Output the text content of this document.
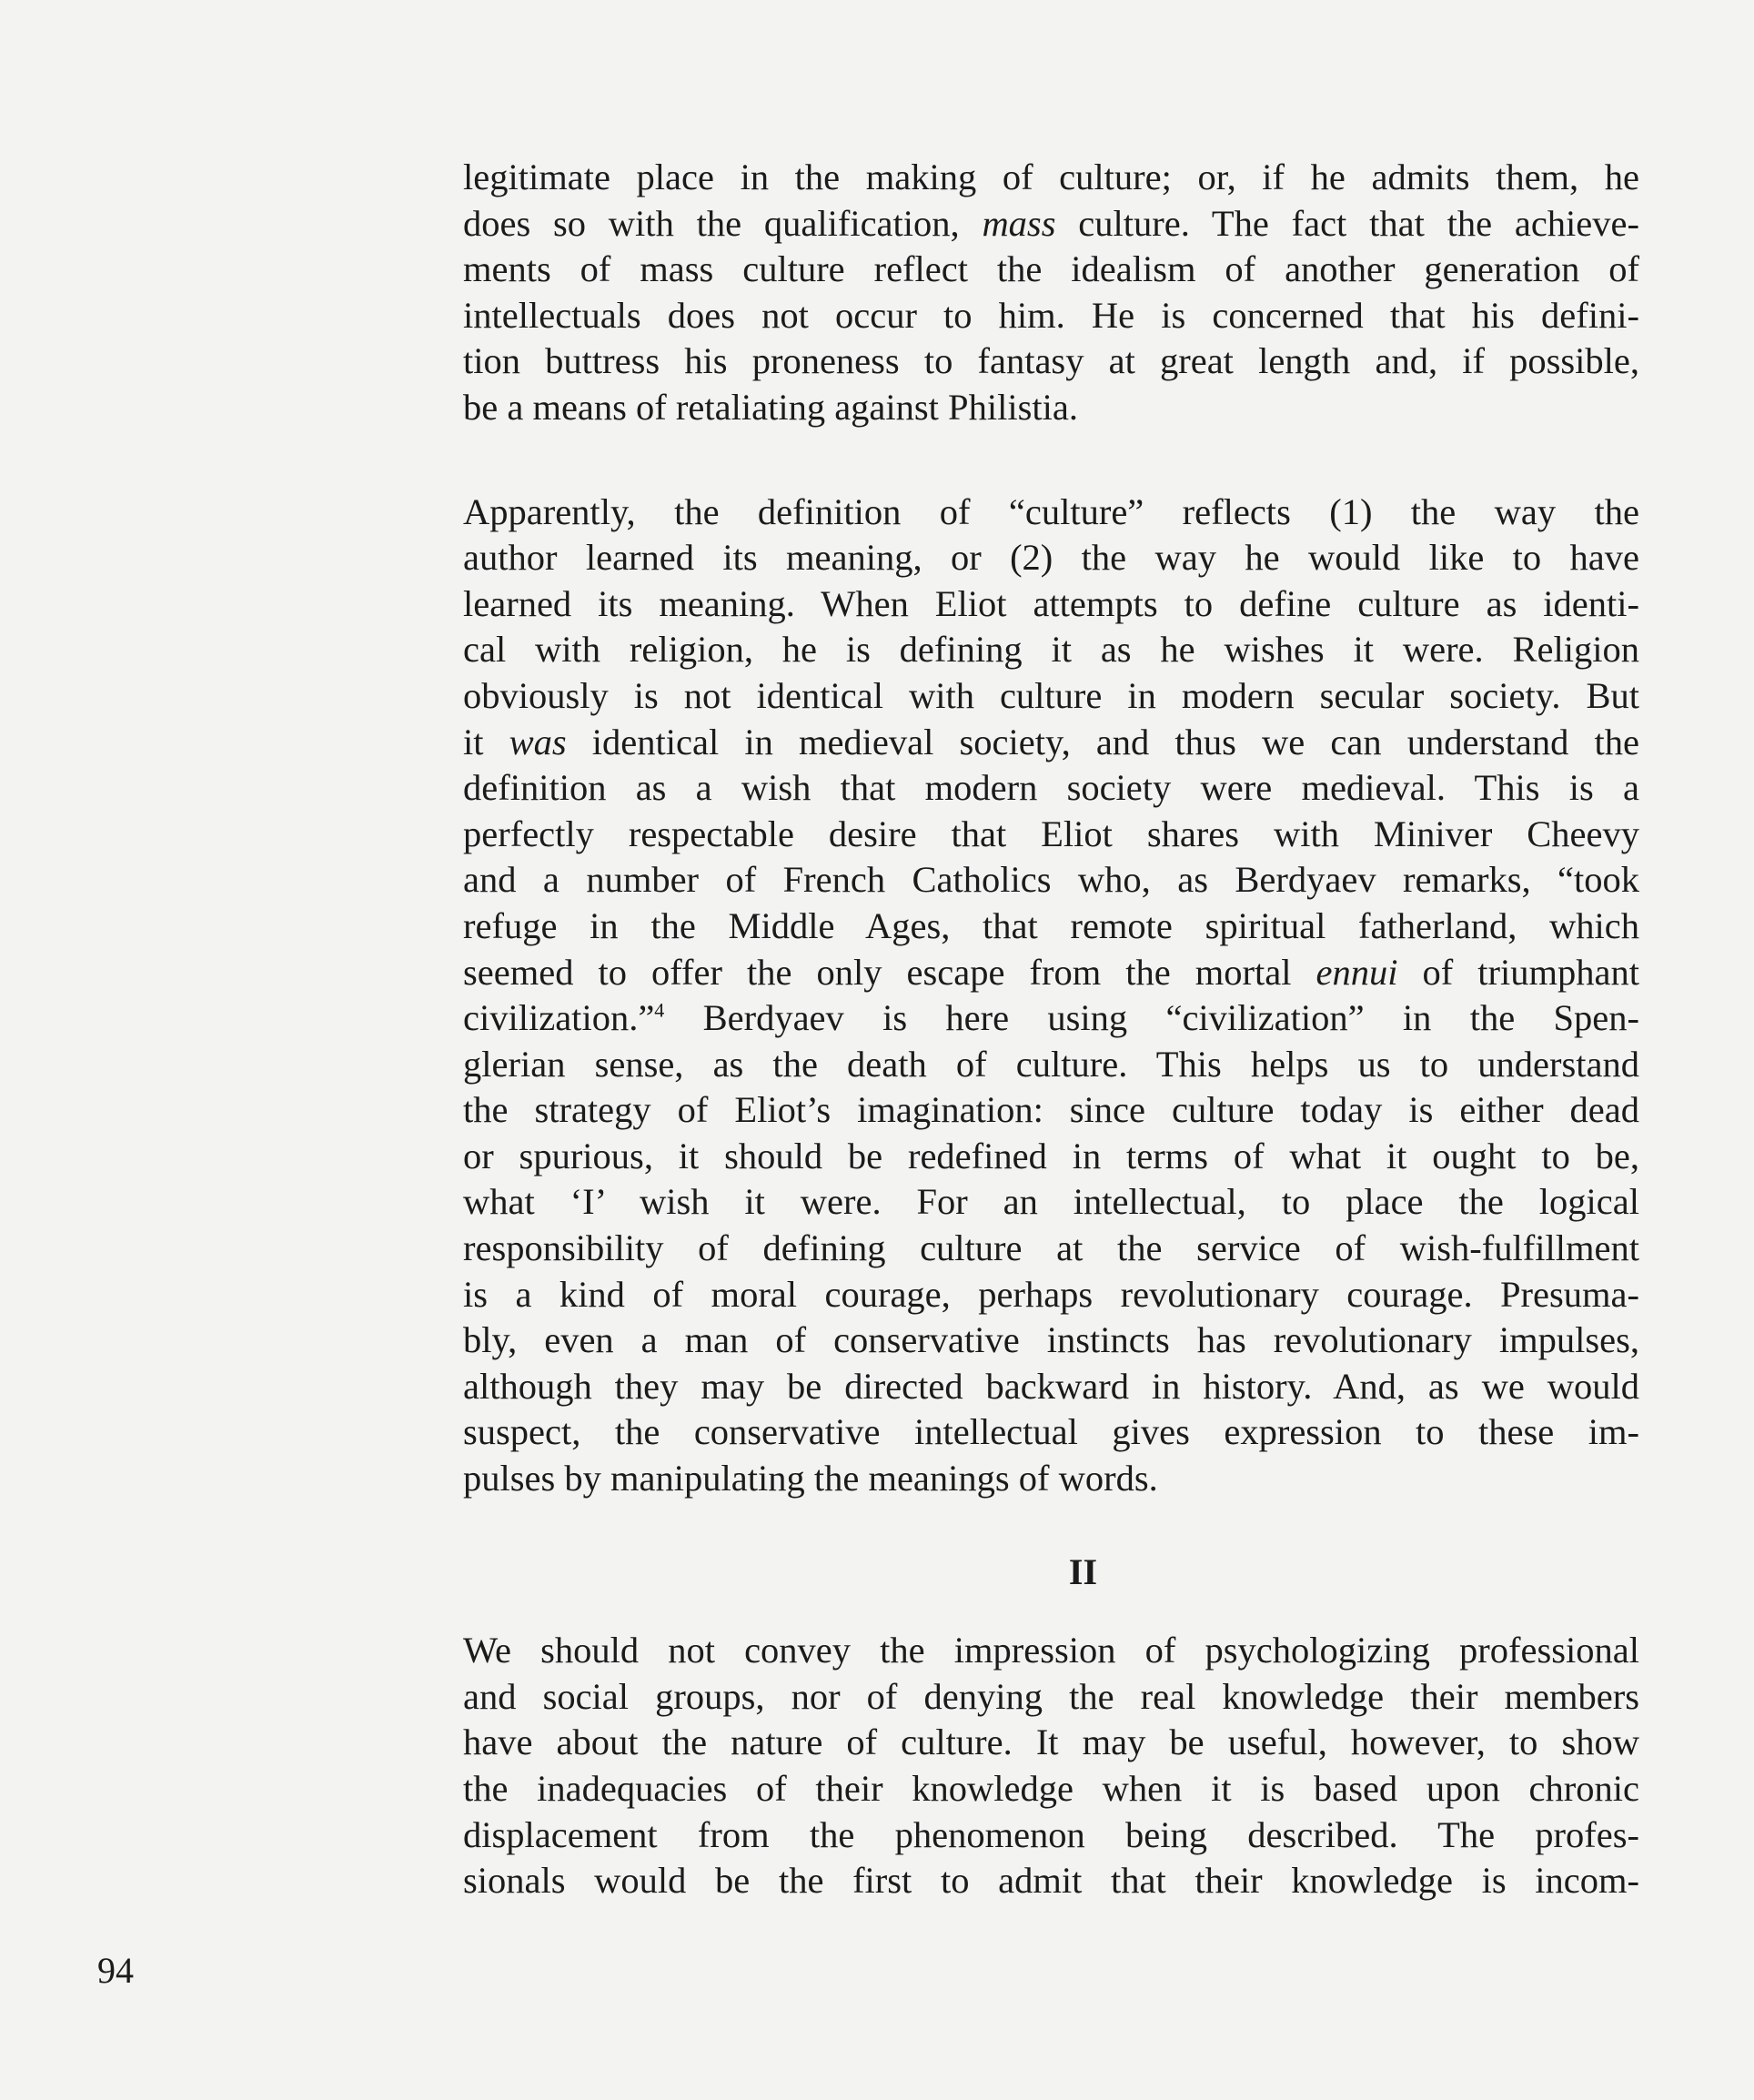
legitimate place in the making of culture; or, if he admits them, he
does so with the qualification, mass culture. The fact that the achieve-
ments of mass culture reflect the idealism of another generation of
intellectuals does not occur to him. He is concerned that his defini-
tion buttress his proneness to fantasy at great length and, if possible,
be a means of retaliating against Philistia.

Apparently, the definition of “culture” reflects (1) the way the
author learned its meaning, or (2) the way he would like to have
learned its meaning. When Eliot attempts to define culture as identi-
cal with religion, he is defining it as he wishes it were. Religion
obviously is not identical with culture in modern secular society. But
it was identical in medieval society, and thus we can understand the
definition as a wish that modern society were medieval. This is a
perfectly respectable desire that Eliot shares with Miniver Cheevy
and a number of French Catholics who, as Berdyaev remarks, “took
refuge in the Middle Ages, that remote spiritual fatherland, which
seemed to offer the only escape from the mortal ennui of triumphant
civilization.”$^4$ Berdyaev is here using “civilization” in the Spen-
glerian sense, as the death of culture. This helps us to understand
the strategy of Eliot’s imagination: since culture today is either dead
or spurious, it should be redefined in terms of what it ought to be,
what ‘I’ wish it were. For an intellectual, to place the logical
responsibility of defining culture at the service of wish-fulfillment
is a kind of moral courage, perhaps revolutionary courage. Presuma-
bly, even a man of conservative instincts has revolutionary impulses,
although they may be directed backward in history. And, as we would
suspect, the conservative intellectual gives expression to these im-
pulses by manipulating the meanings of words.

II

We should not convey the impression of psychologizing professional
and social groups, nor of denying the real knowledge their members
have about the nature of culture. It may be useful, however, to show
the inadequacies of their knowledge when it is based upon chronic
displacement from the phenomenon being described. The profes-
sionals would be the first to admit that their knowledge is incom-

94
